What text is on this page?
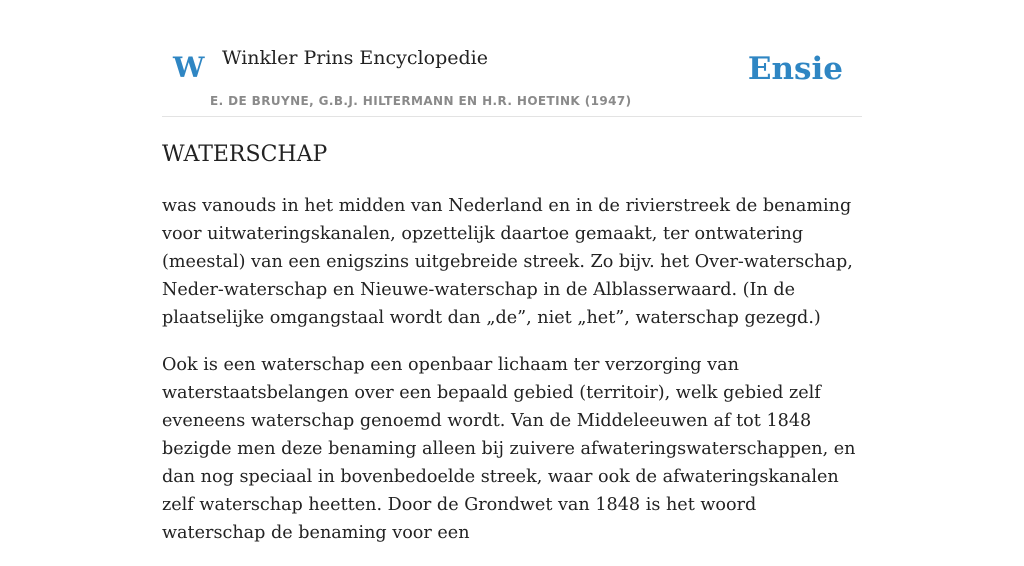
W Winkler Prins Encyclopedie
E. DE BRUYNE, G.B.J. HILTERMANN EN H.R. HOETINK (1947)
Ensie
WATERSCHAP

was vanouds in het midden van Nederland en in de rivierstreek de benaming voor uitwateringskanalen, opzettelijk daartoe gemaakt, ter ontwatering (meestal) van een enigszins uitgebreide streek. Zo bijv. het Over-waterschap, Neder-waterschap en Nieuwe-waterschap in de Alblasserwaard. (In de plaatselijke omgangstaal wordt dan „de”, niet „het”, waterschap gezegd.)

Ook is een waterschap een openbaar lichaam ter verzorging van waterstaatsbelangen over een bepaald gebied (territoir), welk gebied zelf eveneens waterschap genoemd wordt. Van de Middeleeuwen af tot 1848 bezigde men deze benaming alleen bij zuivere afwateringswaterschappen, en dan nog speciaal in bovenbedoelde streek, waar ook de afwateringskanalen zelf waterschap heetten. Door de Grondwet van 1848 is het woord waterschap de benaming voor een
